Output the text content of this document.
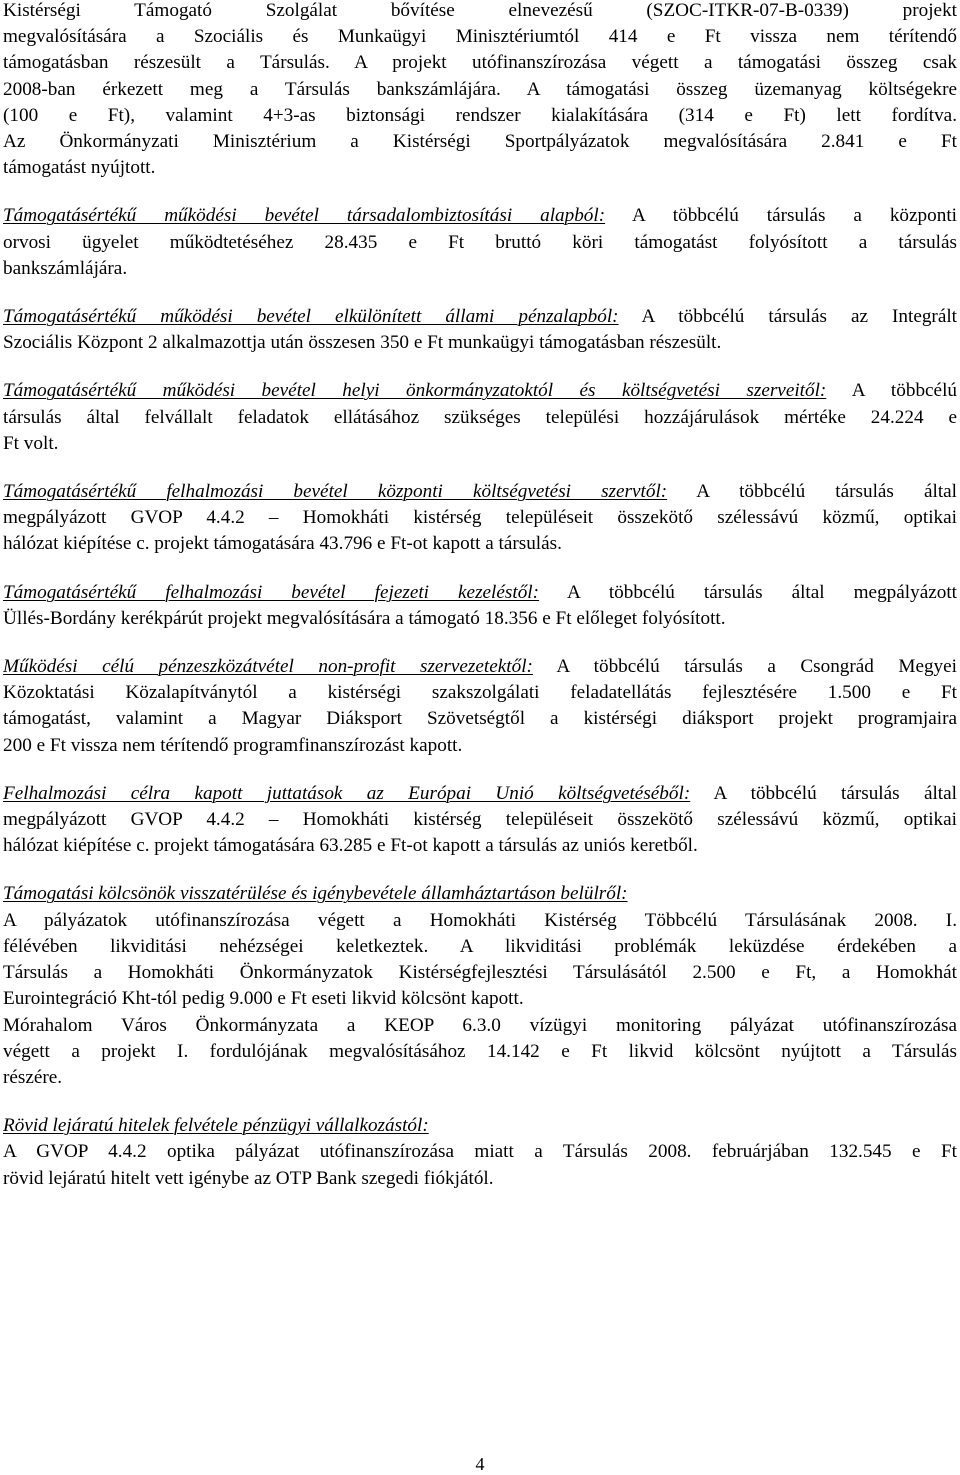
Kistérségi Támogató Szolgálat bővítése elnevezésű (SZOC-ITKR-07-B-0339) projekt
megvalósítására a Szociális és Munkaügyi Minisztériumtól 414 e Ft vissza nem térítendő
támogatásban részesült a Társulás. A projekt utófinanszírozása végett a támogatási összeg csak
2008-ban érkezett meg a Társulás bankszámlájára. A támogatási összeg üzemanyag költségekre
(100 e Ft), valamint 4+3-as biztonsági rendszer kialakítására (314 e Ft) lett fordítva.
Az Önkormányzati Minisztérium a Kistérségi Sportpályázatok megvalósítására 2.841 e Ft
támogatást nyújtott.
Támogatásértékű működési bevétel társadalombiztosítási alapból: A többcélú társulás a központi
orvosi ügyelet működtetéséhez 28.435 e Ft bruttó köri támogatást folyósított a társulás
bankszámlájára.
Támogatásértékű működési bevétel elkülönített állami pénzalapból: A többcélú társulás az Integrált
Szociális Központ 2 alkalmazottja után összesen 350 e Ft munkaügyi támogatásban részesült.
Támogatásértékű működési bevétel helyi önkormányzatoktól és költségvetési szerveitől: A többcélú
társulás által felvállalt feladatok ellátásához szükséges települési hozzájárulások mértéke 24.224 e
Ft volt.
Támogatásértékű felhalmozási bevétel központi költségvetési szervtől: A többcélú társulás által
megpályázott GVOP 4.4.2 – Homokháti kistérség településeit összekötő szélessávú közmű, optikai
hálózat kiépítése c. projekt támogatására 43.796 e Ft-ot kapott a társulás.
Támogatásértékű felhalmozási bevétel fejezeti kezeléstől: A többcélú társulás által megpályázott
Üllés-Bordány kerékpárút projekt megvalósítására a támogató 18.356 e Ft előleget folyósított.
Működési célú pénzeszközátvétel non-profit szervezetektől: A többcélú társulás a Csongrád Megyei
Közoktatási Közalapítványtól a kistérségi szakszolgálati feladatellátás fejlesztésére 1.500 e Ft
támogatást, valamint a Magyar Diáksport Szövetségtől a kistérségi diáksport projekt programjaira
200 e Ft vissza nem térítendő programfinanszírozást kapott.
Felhalmozási célra kapott juttatások az Európai Unió költségvetéséből: A többcélú társulás által
megpályázott GVOP 4.4.2 – Homokháti kistérség településeit összekötő szélessávú közmű, optikai
hálózat kiépítése c. projekt támogatására 63.285 e Ft-ot kapott a társulás az uniós keretből.
Támogatási kölcsönök visszatérülése és igénybevétele államháztartáson belülről:
A pályázatok utófinanszírozása végett a Homokháti Kistérség Többcélú Társulásának 2008. I.
félévében likviditási nehézségei keletkeztek. A likviditási problémák leküzdése érdekében a
Társulás a Homokháti Önkormányzatok Kistérségfejlesztési Társulásától 2.500 e Ft, a Homokhát
Eurointegráció Kht-tól pedig 9.000 e Ft eseti likvid kölcsönt kapott.
Mórahalom Város Önkormányzata a KEOP 6.3.0 vízügyi monitoring pályázat utófinanszírozása
végett a projekt I. fordulójának megvalósításához 14.142 e Ft likvid kölcsönt nyújtott a Társulás
részére.
Rövid lejáratú hitelek felvétele pénzügyi vállalkozástól:
A GVOP 4.4.2 optika pályázat utófinanszírozása miatt a Társulás 2008. februárjában 132.545 e Ft
rövid lejáratú hitelt vett igénybe az OTP Bank szegedi fiókjától.
4
